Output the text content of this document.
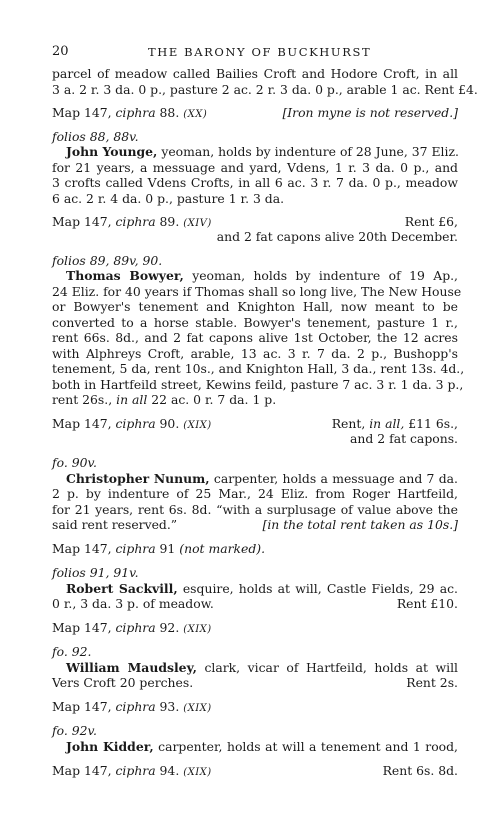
20	THE BARONY OF BUCKHURST
parcel of meadow called Bailies Croft and Hodore Croft, in all
3 a. 2 r. 3 da. 0 p., pasture 2 ac. 2 r. 3 da. 0 p., arable 1 ac. Rent £4.
Map 147, ciphra 88. (XX)	[Iron myne is not reserved.]
folios 88, 88v.
John Younge, yeoman, holds by indenture of 28 June, 37 Eliz.
for 21 years, a messuage and yard, Vdens, 1 r. 3 da. 0 p., and
3 crofts called Vdens Crofts, in all 6 ac. 3 r. 7 da. 0 p., meadow
6 ac. 2 r. 4 da. 0 p., pasture 1 r. 3 da.
Map 147, ciphra 89. (XIV)	Rent £6,
and 2 fat capons alive 20th December.
folios 89, 89v, 90.
Thomas Bowyer, yeoman, holds by indenture of 19 Ap.,
24 Eliz. for 40 years if Thomas shall so long live, The New House
or Bowyer's tenement and Knighton Hall, now meant to be
converted to a horse stable. Bowyer's tenement, pasture 1 r.,
rent 66s. 8d., and 2 fat capons alive 1st October, the 12 acres
with Alphreys Croft, arable, 13 ac. 3 r. 7 da. 2 p., Bushopp's
tenement, 5 da, rent 10s., and Knighton Hall, 3 da., rent 13s. 4d.,
both in Hartfeild street, Kewins feild, pasture 7 ac. 3 r. 1 da. 3 p.,
rent 26s., in all 22 ac. 0 r. 7 da. 1 p.
Map 147, ciphra 90. (XIX)	Rent, in all, £11 6s.,
and 2 fat capons.
fo. 90v.
Christopher Nunum, carpenter, holds a messuage and 7 da.
2 p. by indenture of 25 Mar., 24 Eliz. from Roger Hartfeild,
for 21 years, rent 6s. 8d. “with a surplusage of value above the
said rent reserved.”	[in the total rent taken as 10s.]
Map 147, ciphra 91 (not marked).
folios 91, 91v.
Robert Sackvill, esquire, holds at will, Castle Fields, 29 ac.
0 r., 3 da. 3 p. of meadow.	Rent £10.
Map 147, ciphra 92. (XIX)
fo. 92.
William Maudsley, clark, vicar of Hartfeild, holds at will
Vers Croft 20 perches.	Rent 2s.
Map 147, ciphra 93. (XIX)
fo. 92v.
John Kidder, carpenter, holds at will a tenement and 1 rood,
Map 147, ciphra 94. (XIX)	Rent 6s. 8d.
